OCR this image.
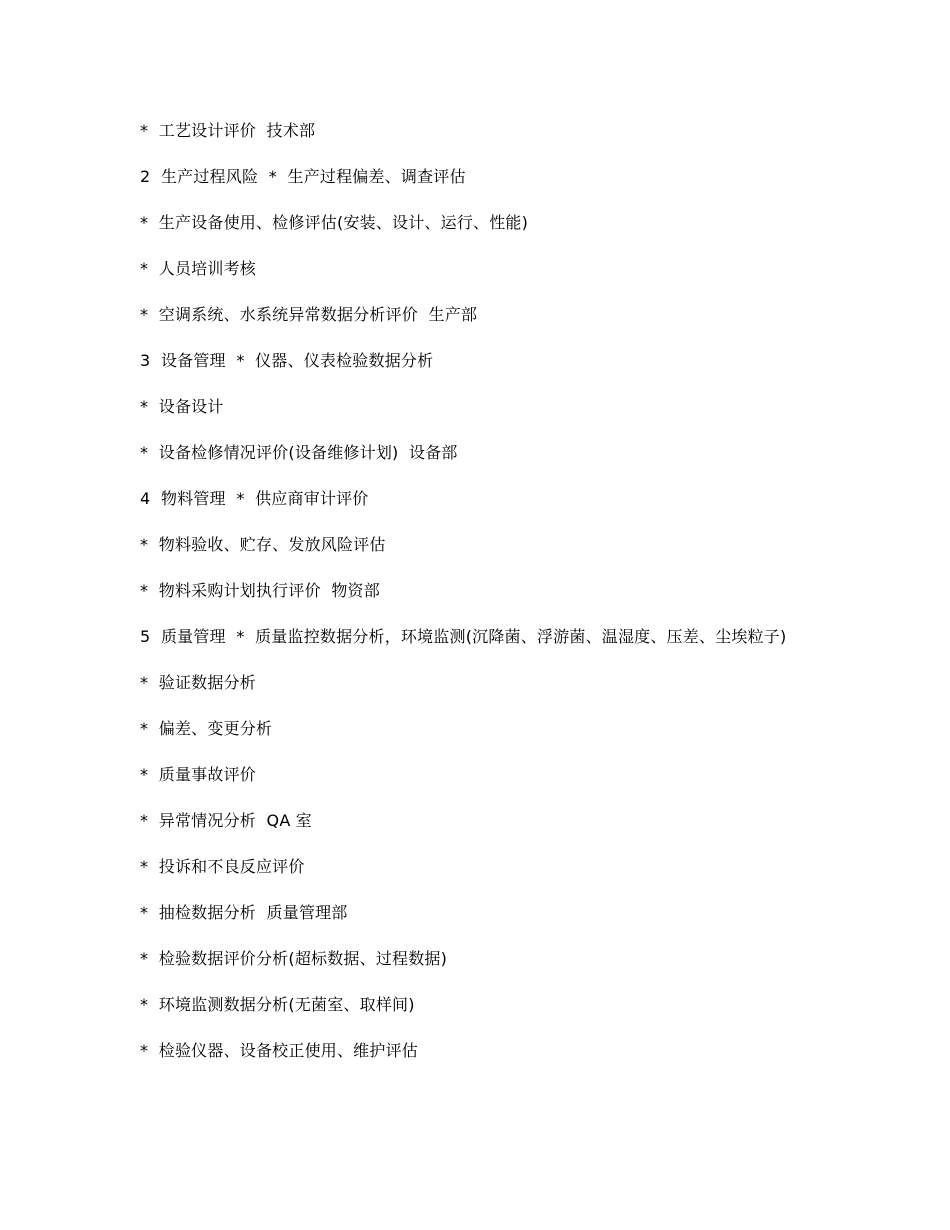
*  工艺设计评价  技术部

2  生产过程风险  *  生产过程偏差、调查评估

*  生产设备使用、检修评估(安装、设计、运行、性能)

*  人员培训考核

*  空调系统、水系统异常数据分析评价  生产部

3  设备管理  *  仪器、仪表检验数据分析

*  设备设计

*  设备检修情况评价(设备维修计划)  设备部

4  物料管理  *  供应商审计评价

*  物料验收、贮存、发放风险评估

*  物料采购计划执行评价  物资部

5  质量管理  *  质量监控数据分析，环境监测(沉降菌、浮游菌、温湿度、压差、尘埃粒子)

*  验证数据分析

*  偏差、变更分析

*  质量事故评价

*  异常情况分析  QA 室

*  投诉和不良反应评价

*  抽检数据分析  质量管理部

*  检验数据评价分析(超标数据、过程数据)

*  环境监测数据分析(无菌室、取样间)

*  检验仪器、设备校正使用、维护评估
